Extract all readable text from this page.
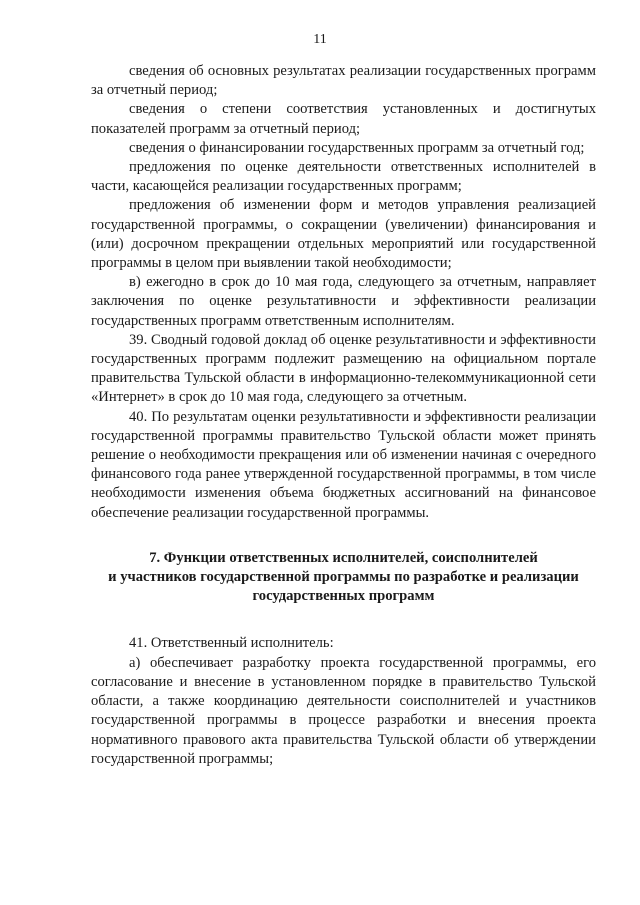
11

сведения об основных результатах реализации государственных программ за отчетный период;

сведения о степени соответствия установленных и достигнутых показателей программ за отчетный период;

сведения о финансировании государственных программ за отчетный год;

предложения по оценке деятельности ответственных исполнителей в части, касающейся реализации государственных программ;

предложения об изменении форм и методов управления реализацией государственной программы, о сокращении (увеличении) финансирования и (или) досрочном прекращении отдельных мероприятий или государственной программы в целом при выявлении такой необходимости;

в) ежегодно в срок до 10 мая года, следующего за отчетным, направляет заключения по оценке результативности и эффективности реализации государственных программ ответственным исполнителям.

39. Сводный годовой доклад об оценке результативности и эффективности государственных программ подлежит размещению на официальном портале правительства Тульской области в информационно-телекоммуникационной сети «Интернет» в срок до 10 мая года, следующего за отчетным.

40. По результатам оценки результативности и эффективности реализации государственной программы правительство Тульской области может принять решение о необходимости прекращения или об изменении начиная с очередного финансового года ранее утвержденной государственной программы, в том числе необходимости изменения объема бюджетных ассигнований на финансовое обеспечение реализации государственной программы.

7. Функции ответственных исполнителей, соисполнителей

и участников государственной программы по разработке и реализации

государственных программ

41. Ответственный исполнитель:

а) обеспечивает разработку проекта государственной программы, его согласование и внесение в установленном порядке в правительство Тульской области, а также координацию деятельности соисполнителей и участников государственной программы в процессе разработки и внесения проекта нормативного правового акта правительства Тульской области об утверждении государственной программы;
